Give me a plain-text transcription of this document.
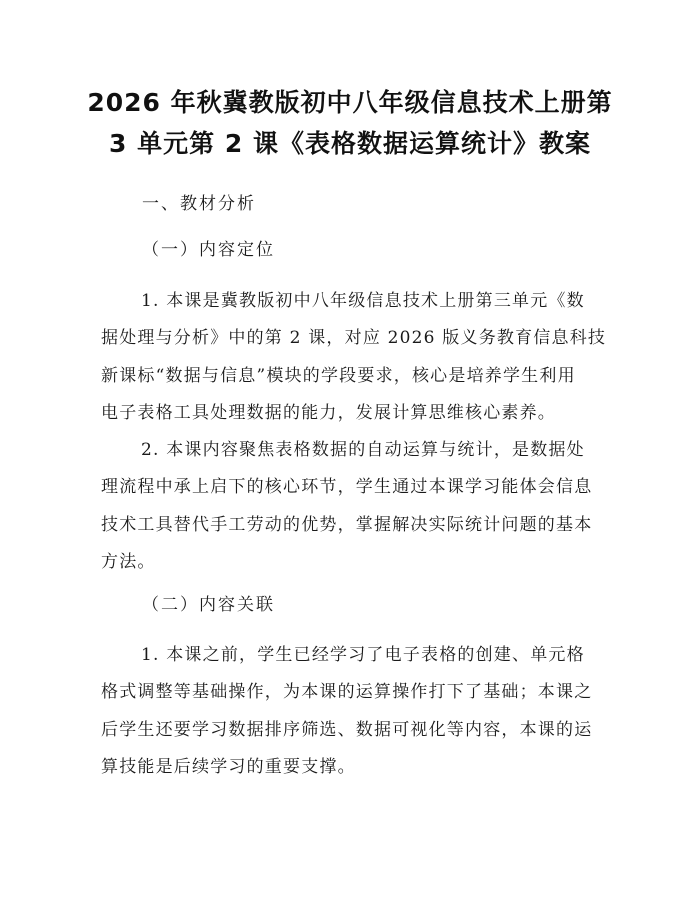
2026 年秋冀教版初中八年级信息技术上册第
3 单元第 2 课《表格数据运算统计》教案
一、教材分析
（一）内容定位
1. 本课是冀教版初中八年级信息技术上册第三单元《数
据处理与分析》中的第 2 课，对应 2026 版义务教育信息科技
新课标“数据与信息”模块的学段要求，核心是培养学生利用
电子表格工具处理数据的能力，发展计算思维核心素养。
2. 本课内容聚焦表格数据的自动运算与统计，是数据处
理流程中承上启下的核心环节，学生通过本课学习能体会信息
技术工具替代手工劳动的优势，掌握解决实际统计问题的基本
方法。
（二）内容关联
1. 本课之前，学生已经学习了电子表格的创建、单元格
格式调整等基础操作，为本课的运算操作打下了基础；本课之
后学生还要学习数据排序筛选、数据可视化等内容，本课的运
算技能是后续学习的重要支撑。
